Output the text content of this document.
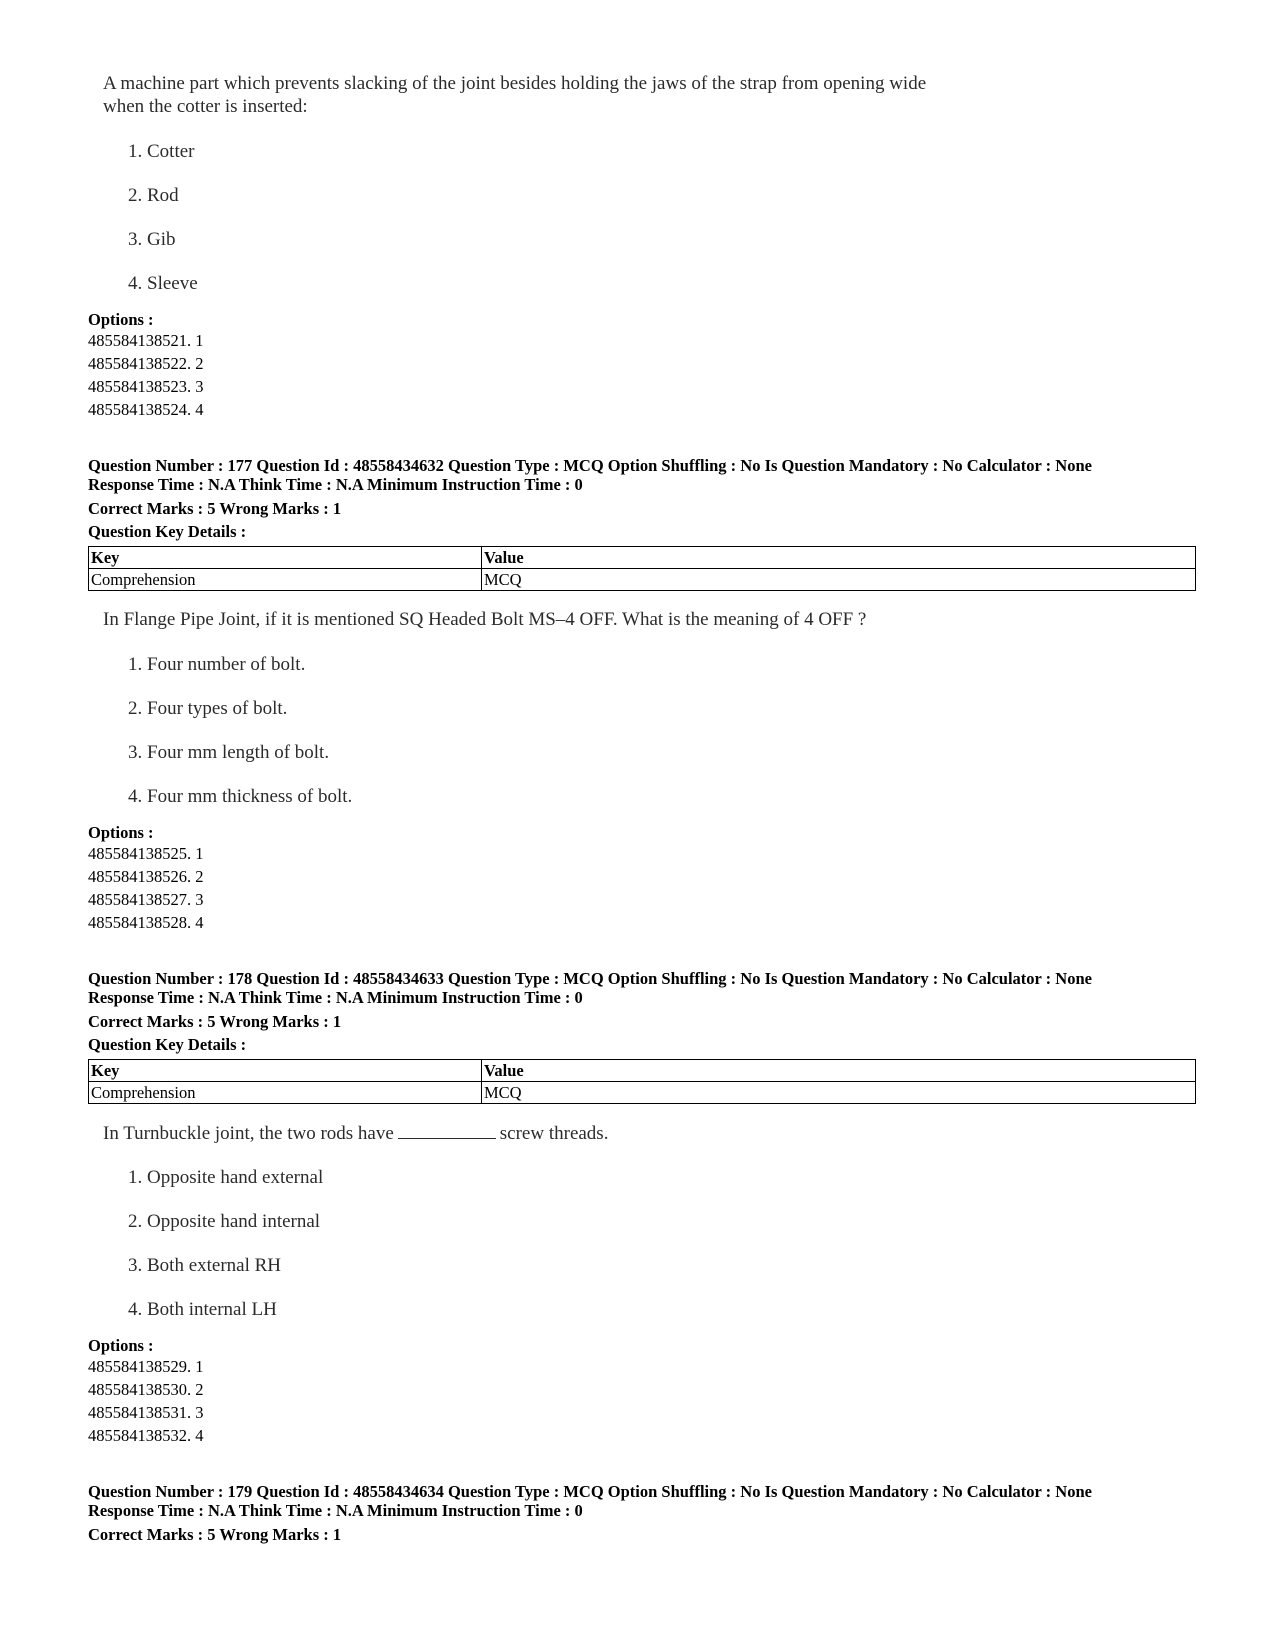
A machine part which prevents slacking of the joint besides holding the jaws of the strap from opening wide
when the cotter is inserted:
1. Cotter
2. Rod
3. Gib
4. Sleeve
Options :
485584138521. 1
485584138522. 2
485584138523. 3
485584138524. 4
Question Number : 177 Question Id : 48558434632 Question Type : MCQ Option Shuffling : No Is Question Mandatory : No Calculator : None
Response Time : N.A Think Time : N.A Minimum Instruction Time : 0
Correct Marks : 5 Wrong Marks : 1
Question Key Details :
Key	Value
Comprehension	MCQ
In Flange Pipe Joint, if it is mentioned SQ Headed Bolt MS–4 OFF. What is the meaning of 4 OFF ?
1. Four number of bolt.
2. Four types of bolt.
3. Four mm length of bolt.
4. Four mm thickness of bolt.
Options :
485584138525. 1
485584138526. 2
485584138527. 3
485584138528. 4
Question Number : 178 Question Id : 48558434633 Question Type : MCQ Option Shuffling : No Is Question Mandatory : No Calculator : None
Response Time : N.A Think Time : N.A Minimum Instruction Time : 0
Correct Marks : 5 Wrong Marks : 1
Question Key Details :
Key	Value
Comprehension	MCQ
In Turnbuckle joint, the two rods have	screw threads.
1. Opposite hand external
2. Opposite hand internal
3. Both external RH
4. Both internal LH
Options :
485584138529. 1
485584138530. 2
485584138531. 3
485584138532. 4
Question Number : 179 Question Id : 48558434634 Question Type : MCQ Option Shuffling : No Is Question Mandatory : No Calculator : None
Response Time : N.A Think Time : N.A Minimum Instruction Time : 0
Correct Marks : 5 Wrong Marks : 1
